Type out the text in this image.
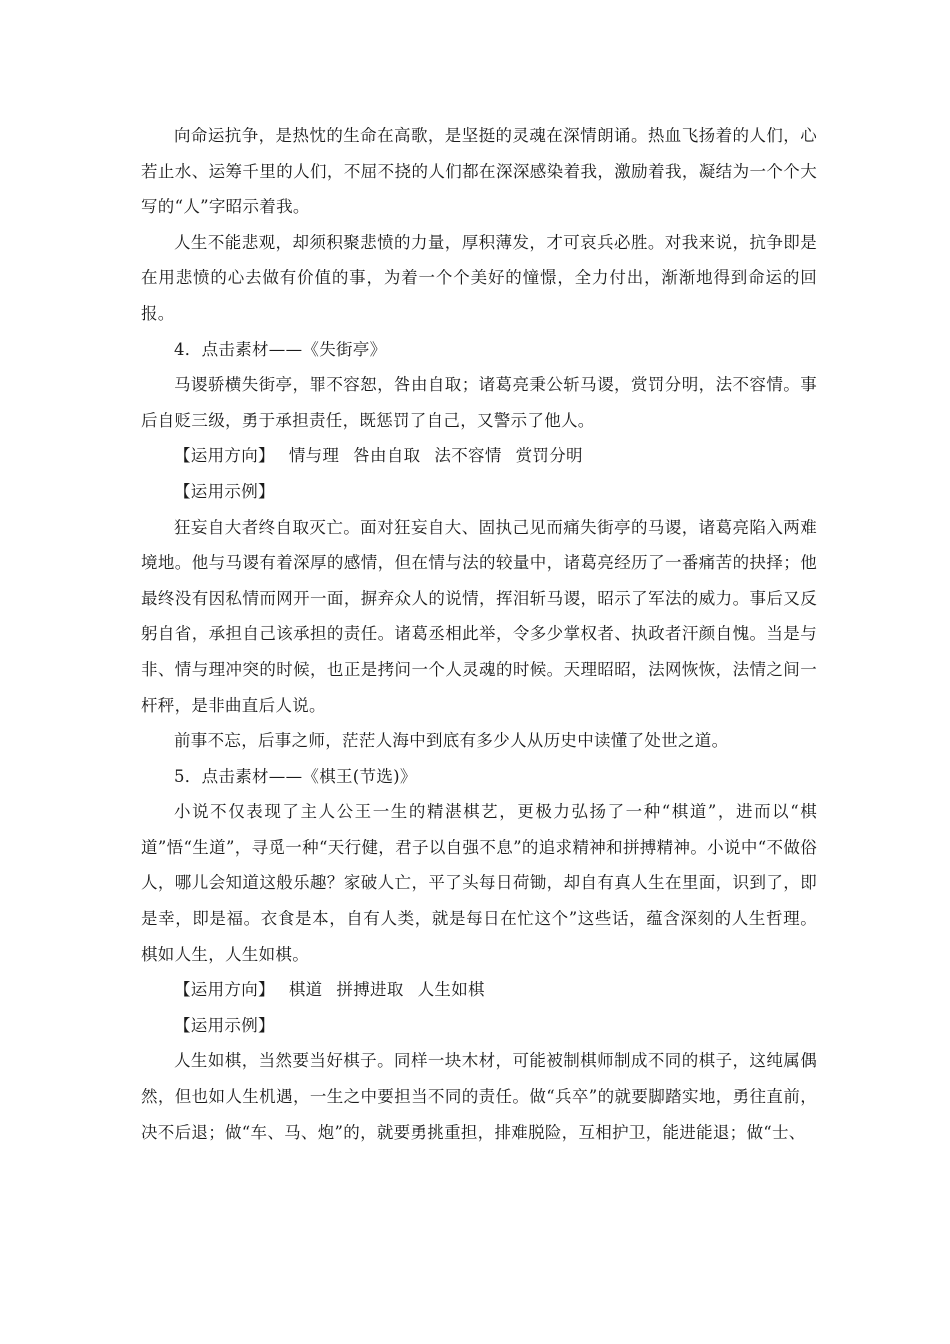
向命运抗争，是热忱的生命在高歌，是坚挺的灵魂在深情朗诵。热血飞扬着的人们，心若止水、运筹千里的人们，不屈不挠的人们都在深深感染着我，激励着我，凝结为一个个大写的“人”字昭示着我。

人生不能悲观，却须积聚悲愤的力量，厚积薄发，才可哀兵必胜。对我来说，抗争即是在用悲愤的心去做有价值的事，为着一个个美好的憧憬，全力付出，渐渐地得到命运的回报。

4．点击素材——《失街亭》

马谡骄横失街亭，罪不容恕，咎由自取；诸葛亮秉公斩马谡，赏罚分明，法不容情。事后自贬三级，勇于承担责任，既惩罚了自己，又警示了他人。

【运用方向】 情与理 咎由自取 法不容情 赏罚分明

【运用示例】

狂妄自大者终自取灭亡。面对狂妄自大、固执己见而痛失街亭的马谡，诸葛亮陷入两难境地。他与马谡有着深厚的感情，但在情与法的较量中，诸葛亮经历了一番痛苦的抉择；他最终没有因私情而网开一面，摒弃众人的说情，挥泪斩马谡，昭示了军法的威力。事后又反躬自省，承担自己该承担的责任。诸葛丞相此举，令多少掌权者、执政者汗颜自愧。当是与非、情与理冲突的时候，也正是拷问一个人灵魂的时候。天理昭昭，法网恢恢，法情之间一杆秤，是非曲直后人说。

前事不忘，后事之师，茫茫人海中到底有多少人从历史中读懂了处世之道。

5．点击素材——《棋王(节选)》

小说不仅表现了主人公王一生的精湛棋艺，更极力弘扬了一种“棋道”，进而以“棋道”悟“生道”，寻觅一种“天行健，君子以自强不息”的追求精神和拼搏精神。小说中“不做俗人，哪儿会知道这般乐趣？家破人亡，平了头每日荷锄，却自有真人生在里面，识到了，即是幸，即是福。衣食是本，自有人类，就是每日在忙这个”这些话，蕴含深刻的人生哲理。棋如人生，人生如棋。

【运用方向】 棋道 拼搏进取 人生如棋

【运用示例】

人生如棋，当然要当好棋子。同样一块木材，可能被制棋师制成不同的棋子，这纯属偶然，但也如人生机遇，一生之中要担当不同的责任。做“兵卒”的就要脚踏实地，勇往直前，决不后退；做“车、马、炮”的，就要勇挑重担，排难脱险，互相护卫，能进能退；做“士、
